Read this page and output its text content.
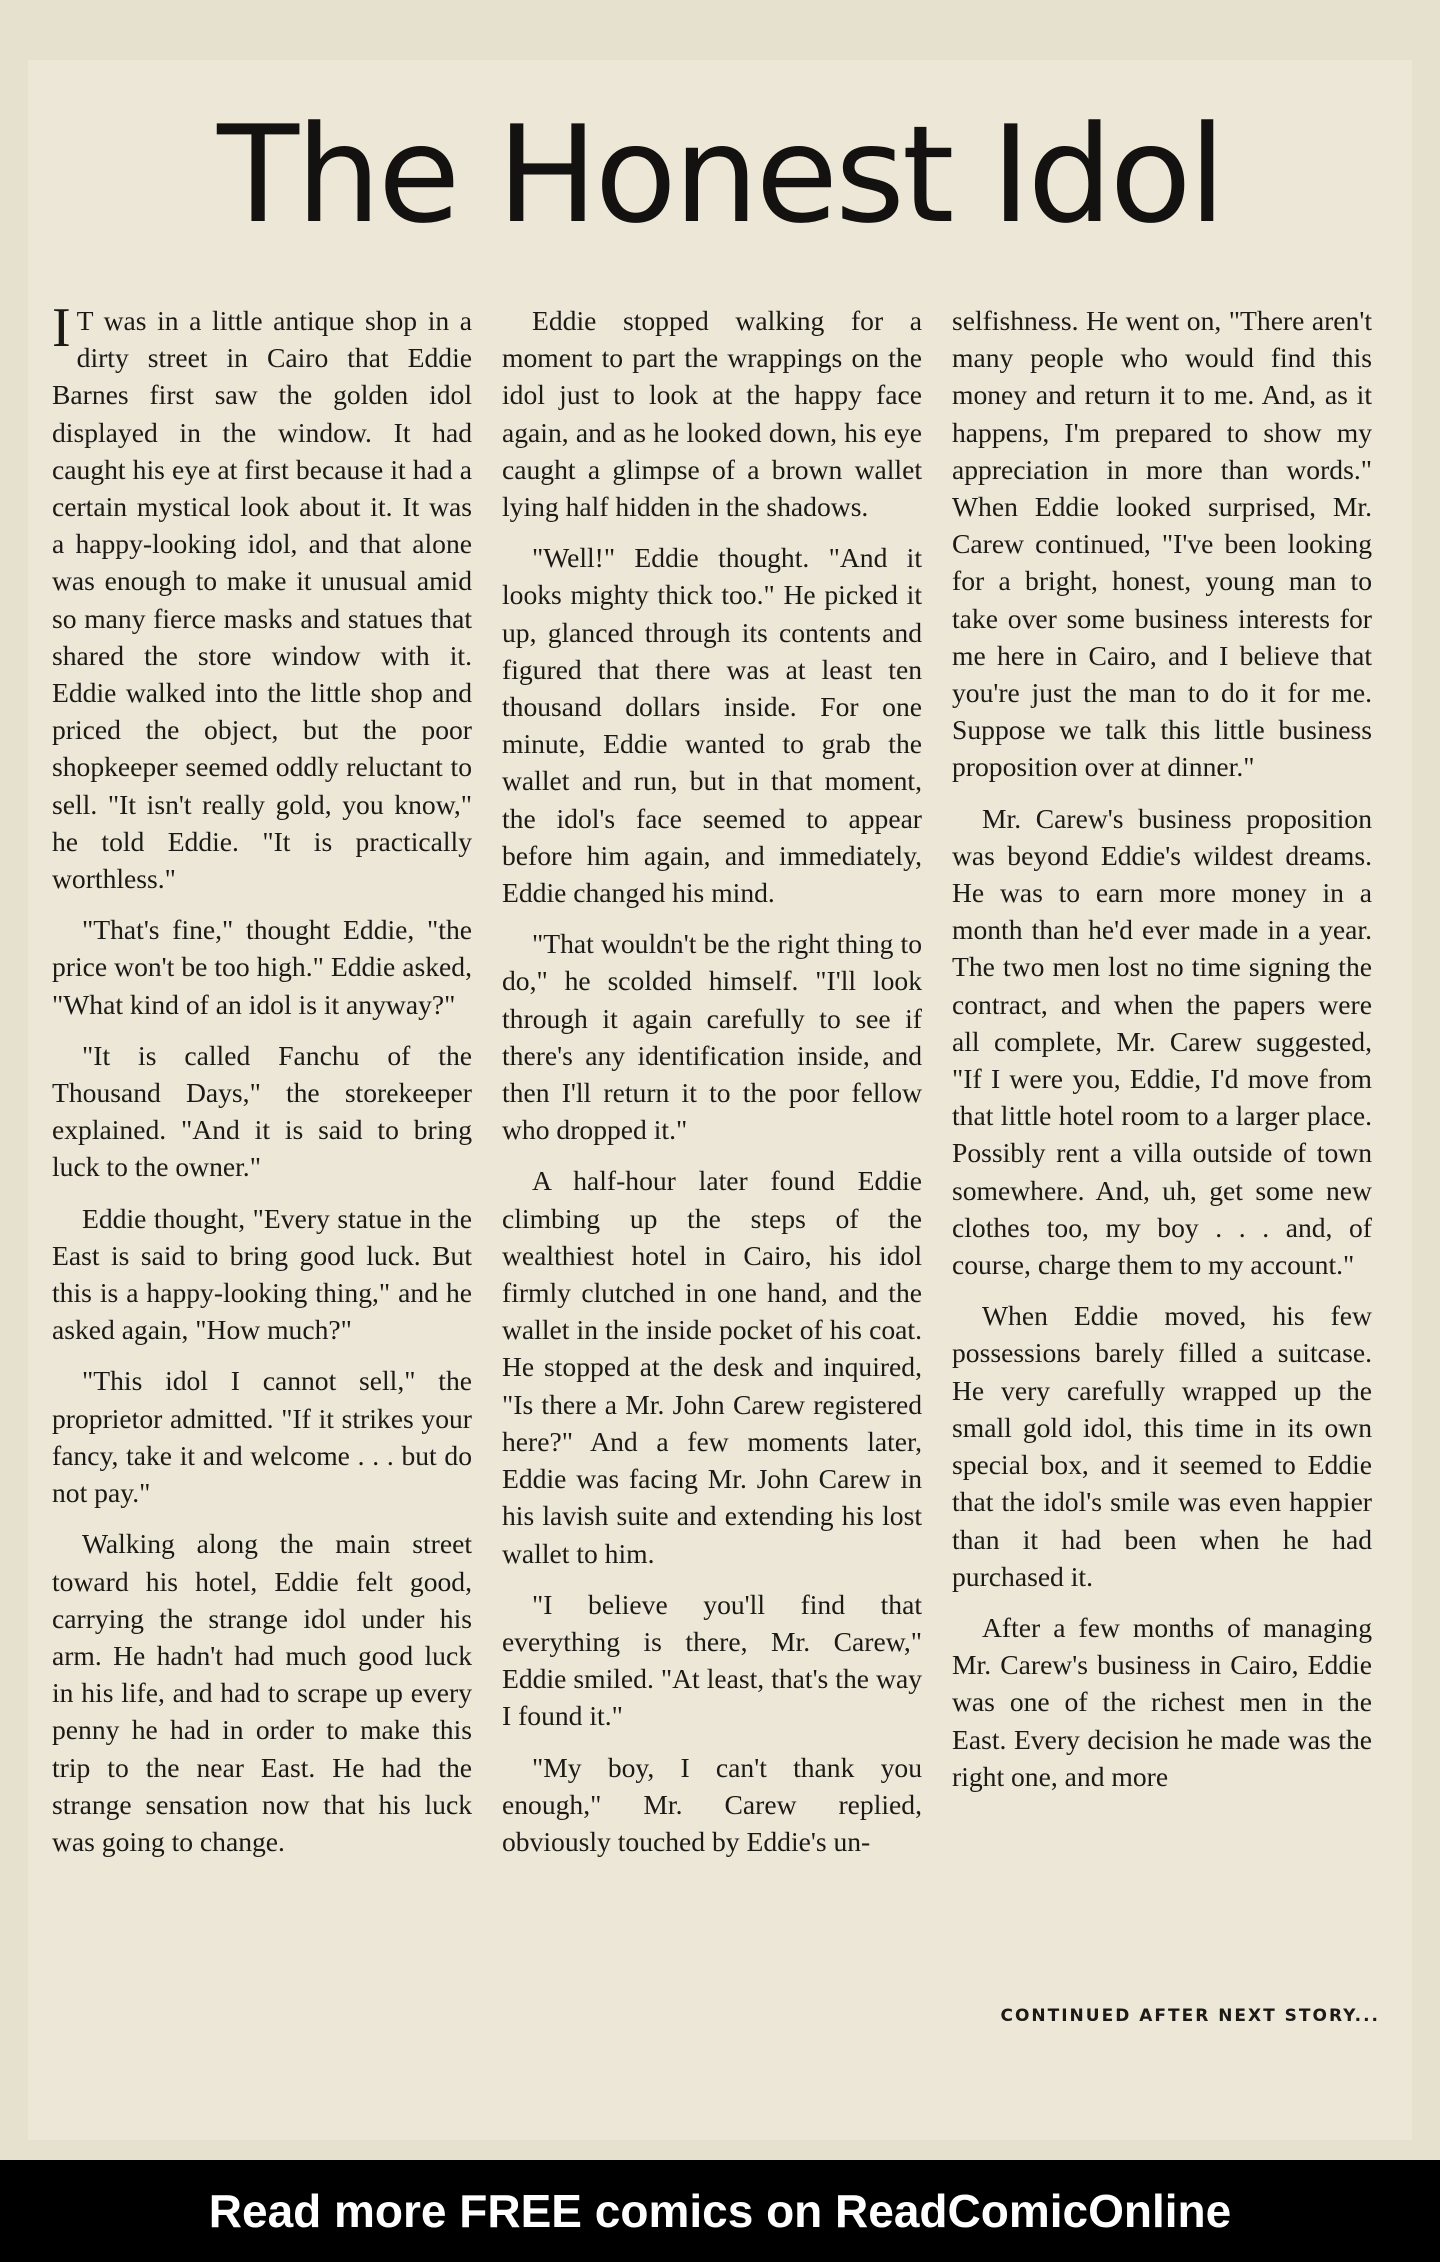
The Honest Idol

I T was in a little antique shop in a dirty street in Cairo that Eddie Barnes first saw the golden idol displayed in the window. It had caught his eye at first because it had a certain mystical look about it. It was a happy-looking idol, and that alone was enough to make it unusual amid so many fierce masks and statues that shared the store window with it. Eddie walked into the little shop and priced the object, but the poor shopkeeper seemed oddly reluctant to sell. "It isn't really gold, you know," he told Eddie. "It is practically worthless."

"That's fine," thought Eddie, "the price won't be too high." Eddie asked, "What kind of an idol is it anyway?"

"It is called Fanchu of the Thousand Days," the storekeeper explained. "And it is said to bring luck to the owner."

Eddie thought, "Every statue in the East is said to bring good luck. But this is a happy-looking thing," and he asked again, "How much?"

"This idol I cannot sell," the proprietor admitted. "If it strikes your fancy, take it and welcome . . . but do not pay."

Walking along the main street toward his hotel, Eddie felt good, carrying the strange idol under his arm. He hadn't had much good luck in his life, and had to scrape up every penny he had in order to make this trip to the near East. He had the strange sensation now that his luck was going to change.

Eddie stopped walking for a moment to part the wrappings on the idol just to look at the happy face again, and as he looked down, his eye caught a glimpse of a brown wallet lying half hidden in the shadows.

"Well!" Eddie thought. "And it looks mighty thick too." He picked it up, glanced through its contents and figured that there was at least ten thousand dollars inside. For one minute, Eddie wanted to grab the wallet and run, but in that moment, the idol's face seemed to appear before him again, and immediately, Eddie changed his mind.

"That wouldn't be the right thing to do," he scolded himself. "I'll look through it again carefully to see if there's any identification inside, and then I'll return it to the poor fellow who dropped it."

A half-hour later found Eddie climbing up the steps of the wealthiest hotel in Cairo, his idol firmly clutched in one hand, and the wallet in the inside pocket of his coat. He stopped at the desk and inquired, "Is there a Mr. John Carew registered here?" And a few moments later, Eddie was facing Mr. John Carew in his lavish suite and extending his lost wallet to him.

"I believe you'll find that everything is there, Mr. Carew," Eddie smiled. "At least, that's the way I found it."

"My boy, I can't thank you enough," Mr. Carew replied, obviously touched by Eddie's un-

selfishness. He went on, "There aren't many people who would find this money and return it to me. And, as it happens, I'm prepared to show my appreciation in more than words." When Eddie looked surprised, Mr. Carew continued, "I've been looking for a bright, honest, young man to take over some business interests for me here in Cairo, and I believe that you're just the man to do it for me. Suppose we talk this little business proposition over at dinner."

Mr. Carew's business proposition was beyond Eddie's wildest dreams. He was to earn more money in a month than he'd ever made in a year. The two men lost no time signing the contract, and when the papers were all complete, Mr. Carew suggested, "If I were you, Eddie, I'd move from that little hotel room to a larger place. Possibly rent a villa outside of town somewhere. And, uh, get some new clothes too, my boy . . . and, of course, charge them to my account."

When Eddie moved, his few possessions barely filled a suitcase. He very carefully wrapped up the small gold idol, this time in its own special box, and it seemed to Eddie that the idol's smile was even happier than it had been when he had purchased it.

After a few months of managing Mr. Carew's business in Cairo, Eddie was one of the richest men in the East. Every decision he made was the right one, and more

CONTINUED AFTER NEXT STORY...
Read more FREE comics on ReadComicOnline
